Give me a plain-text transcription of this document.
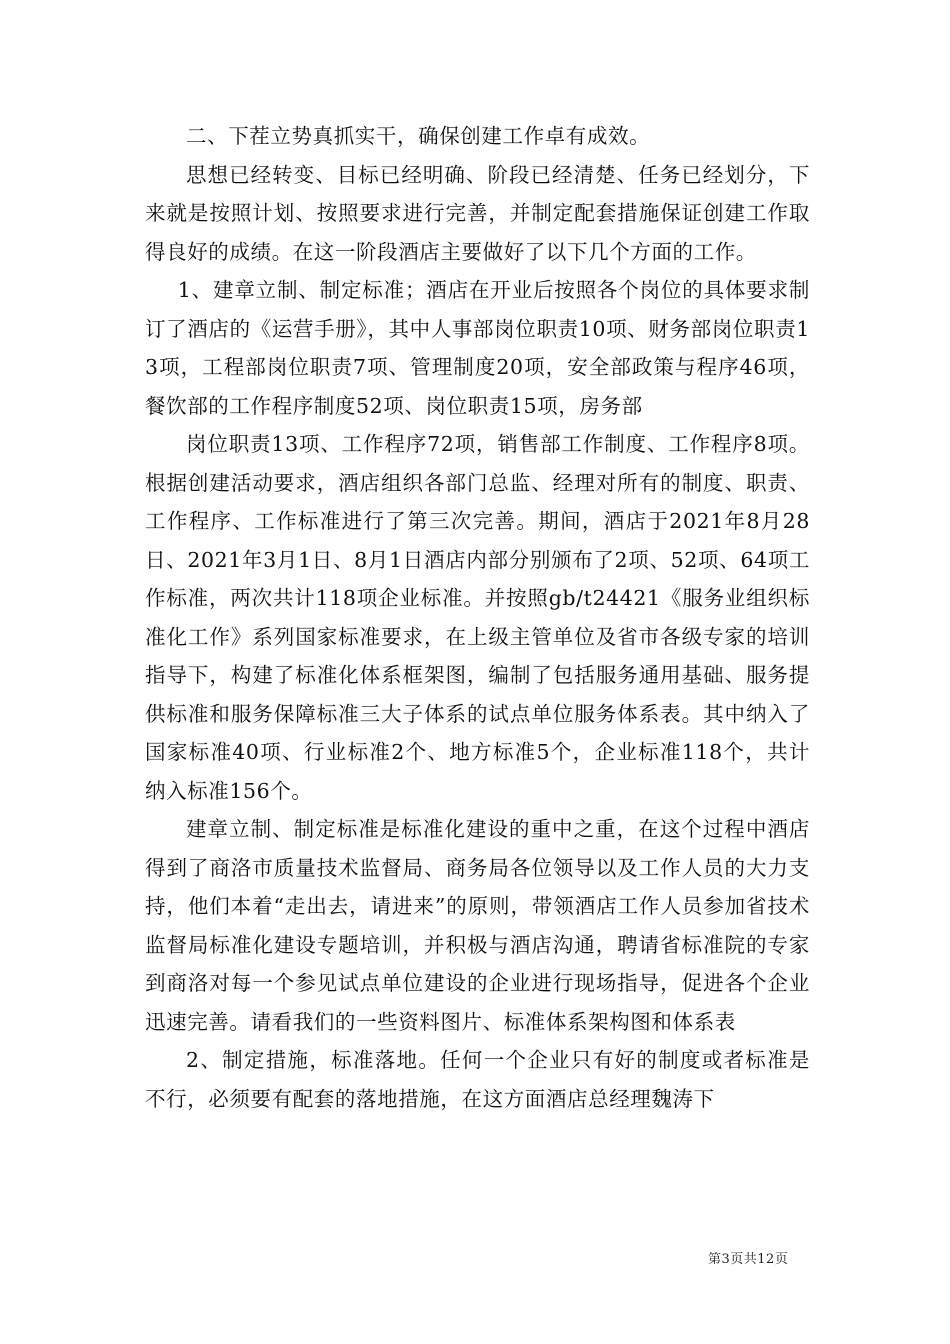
二、下茬立势真抓实干，确保创建工作卓有成效。

思想已经转变、目标已经明确、阶段已经清楚、任务已经划分，下来就是按照计划、按照要求进行完善，并制定配套措施保证创建工作取得良好的成绩。在这一阶段酒店主要做好了以下几个方面的工作。

1、建章立制、制定标准；酒店在开业后按照各个岗位的具体要求制订了酒店的《运营手册》，其中人事部岗位职责10项、财务部岗位职责13项，工程部岗位职责7项、管理制度20项，安全部政策与程序46项，餐饮部的工作程序制度52项、岗位职责15项，房务部

岗位职责13项、工作程序72项，销售部工作制度、工作程序8项。根据创建活动要求，酒店组织各部门总监、经理对所有的制度、职责、工作程序、工作标准进行了第三次完善。期间，酒店于2021年8月28日、2021年3月1日、8月1日酒店内部分别颁布了2项、52项、64项工作标准，两次共计118项企业标准。并按照gb/t24421《服务业组织标准化工作》系列国家标准要求，在上级主管单位及省市各级专家的培训指导下，构建了标准化体系框架图，编制了包括服务通用基础、服务提供标准和服务保障标准三大子体系的试点单位服务体系表。其中纳入了国家标准40项、行业标准2个、地方标准5个，企业标准118个，共计纳入标准156个。

建章立制、制定标准是标准化建设的重中之重，在这个过程中酒店得到了商洛市质量技术监督局、商务局各位领导以及工作人员的大力支持，他们本着“走出去，请进来”的原则，带领酒店工作人员参加省技术监督局标准化建设专题培训，并积极与酒店沟通，聘请省标准院的专家到商洛对每一个参见试点单位建设的企业进行现场指导，促进各个企业迅速完善。请看我们的一些资料图片、标准体系架构图和体系表

2、制定措施，标准落地。任何一个企业只有好的制度或者标准是不行，必须要有配套的落地措施，在这方面酒店总经理魏涛下

第3页共12页
